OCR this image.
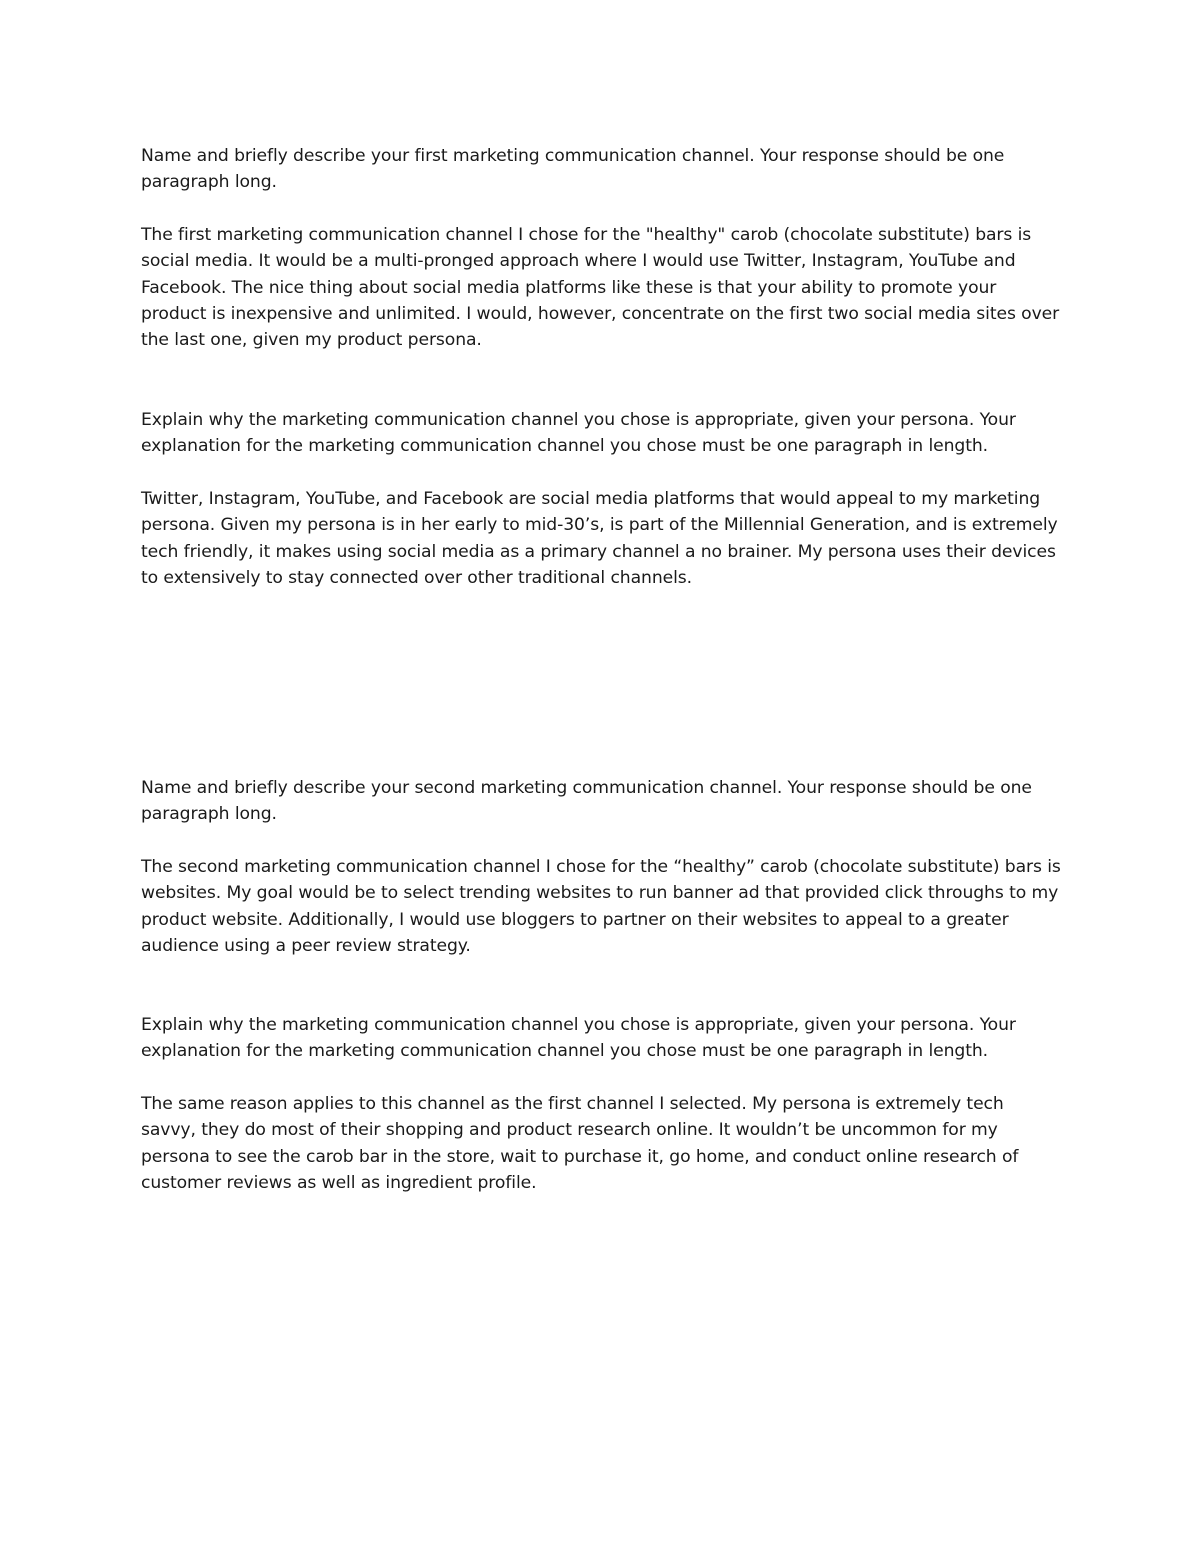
Name and briefly describe your first marketing communication channel. Your response should be one paragraph long.

The first marketing communication channel I chose for the "healthy" carob (chocolate substitute) bars is social media. It would be a multi-pronged approach where I would use Twitter, Instagram, YouTube and Facebook. The nice thing about social media platforms like these is that your ability to promote your product is inexpensive and unlimited. I would, however, concentrate on the first two social media sites over the last one, given my product persona.

Explain why the marketing communication channel you chose is appropriate, given your persona. Your explanation for the marketing communication channel you chose must be one paragraph in length.

Twitter, Instagram, YouTube, and Facebook are social media platforms that would appeal to my marketing persona. Given my persona is in her early to mid-30’s, is part of the Millennial Generation, and is extremely tech friendly, it makes using social media as a primary channel a no brainer. My persona uses their devices to extensively to stay connected over other traditional channels.

Name and briefly describe your second marketing communication channel. Your response should be one paragraph long.

The second marketing communication channel I chose for the “healthy” carob (chocolate substitute) bars is websites. My goal would be to select trending websites to run banner ad that provided click throughs to my product website. Additionally, I would use bloggers to partner on their websites to appeal to a greater audience using a peer review strategy.

Explain why the marketing communication channel you chose is appropriate, given your persona. Your explanation for the marketing communication channel you chose must be one paragraph in length.

The same reason applies to this channel as the first channel I selected. My persona is extremely tech savvy, they do most of their shopping and product research online. It wouldn’t be uncommon for my persona to see the carob bar in the store, wait to purchase it, go home, and conduct online research of customer reviews as well as ingredient profile.
